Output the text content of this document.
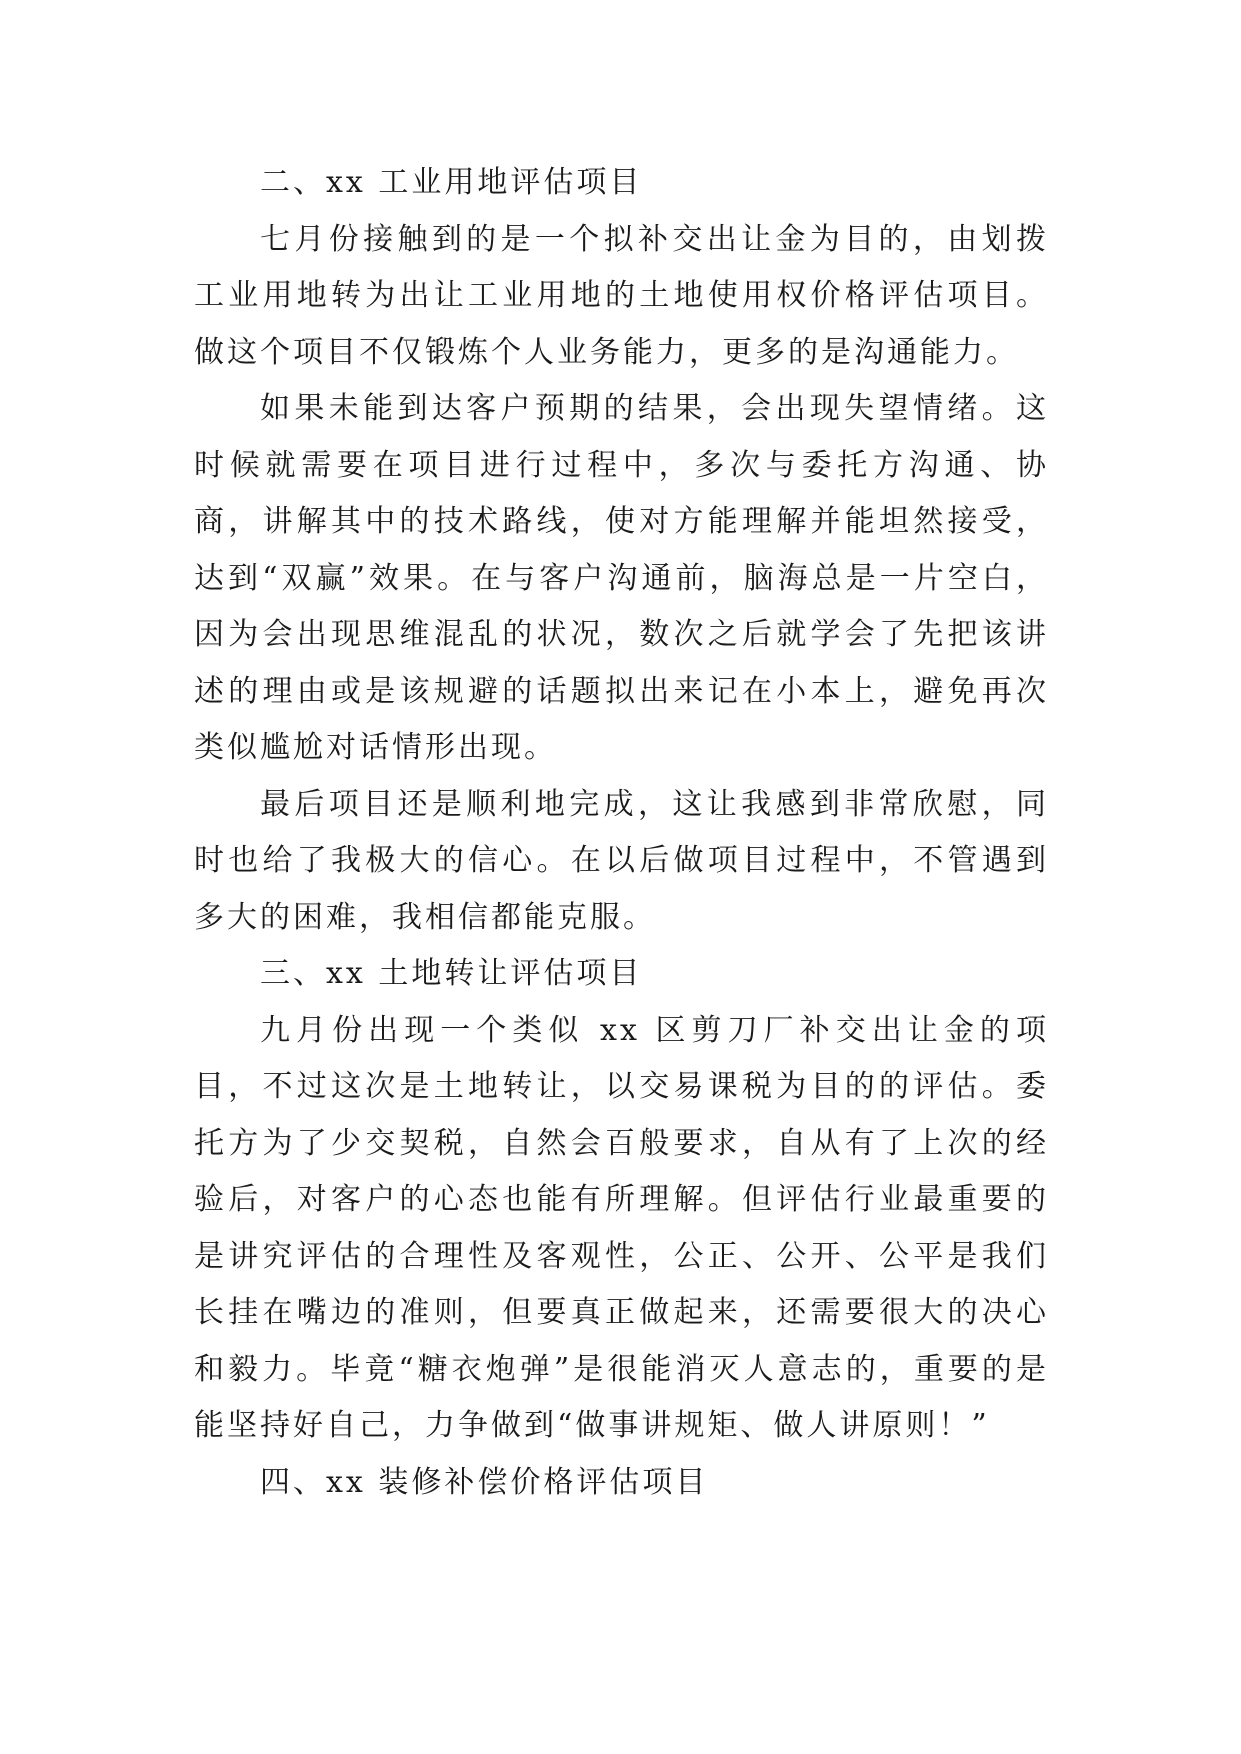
二、xx 工业用地评估项目

七月份接触到的是一个拟补交出让金为目的，由划拨工业用地转为出让工业用地的土地使用权价格评估项目。做这个项目不仅锻炼个人业务能力，更多的是沟通能力。

如果未能到达客户预期的结果，会出现失望情绪。这时候就需要在项目进行过程中，多次与委托方沟通、协商，讲解其中的技术路线，使对方能理解并能坦然接受，达到“双赢”效果。在与客户沟通前，脑海总是一片空白，因为会出现思维混乱的状况，数次之后就学会了先把该讲述的理由或是该规避的话题拟出来记在小本上，避免再次类似尴尬对话情形出现。

最后项目还是顺利地完成，这让我感到非常欣慰，同时也给了我极大的信心。在以后做项目过程中，不管遇到多大的困难，我相信都能克服。

三、xx 土地转让评估项目

九月份出现一个类似 xx 区剪刀厂补交出让金的项目，不过这次是土地转让，以交易课税为目的的评估。委托方为了少交契税，自然会百般要求，自从有了上次的经验后，对客户的心态也能有所理解。但评估行业最重要的是讲究评估的合理性及客观性，公正、公开、公平是我们长挂在嘴边的准则，但要真正做起来，还需要很大的决心和毅力。毕竟“糖衣炮弹”是很能消灭人意志的，重要的是能坚持好自己，力争做到“做事讲规矩、做人讲原则！”

四、xx 装修补偿价格评估项目
